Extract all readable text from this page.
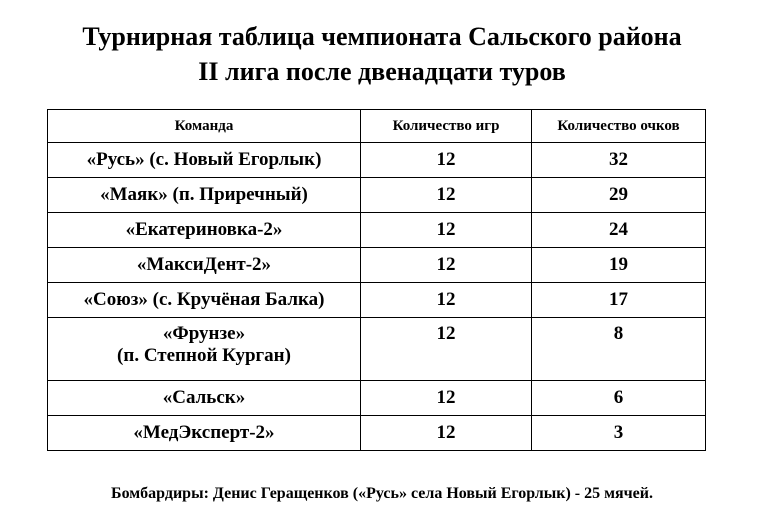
Турнирная таблица чемпионата Сальского района
II лига после двенадцати туров
Команда	Количество игр	Количество очков
«Русь» (с. Новый Егорлык)	12	32
«Маяк» (п. Приречный)	12	29
«Екатериновка-2»	12	24
«МаксиДент-2»	12	19
«Союз» (с. Кручёная Балка)	12	17

«Фрунзе»
(п. Степной Курган)	12	8

«Сальск»	12	6
«МедЭксперт-2»	12	3
Бомбардиры: Денис Геращенков («Русь» села Новый Егорлык) - 25 мячей.
